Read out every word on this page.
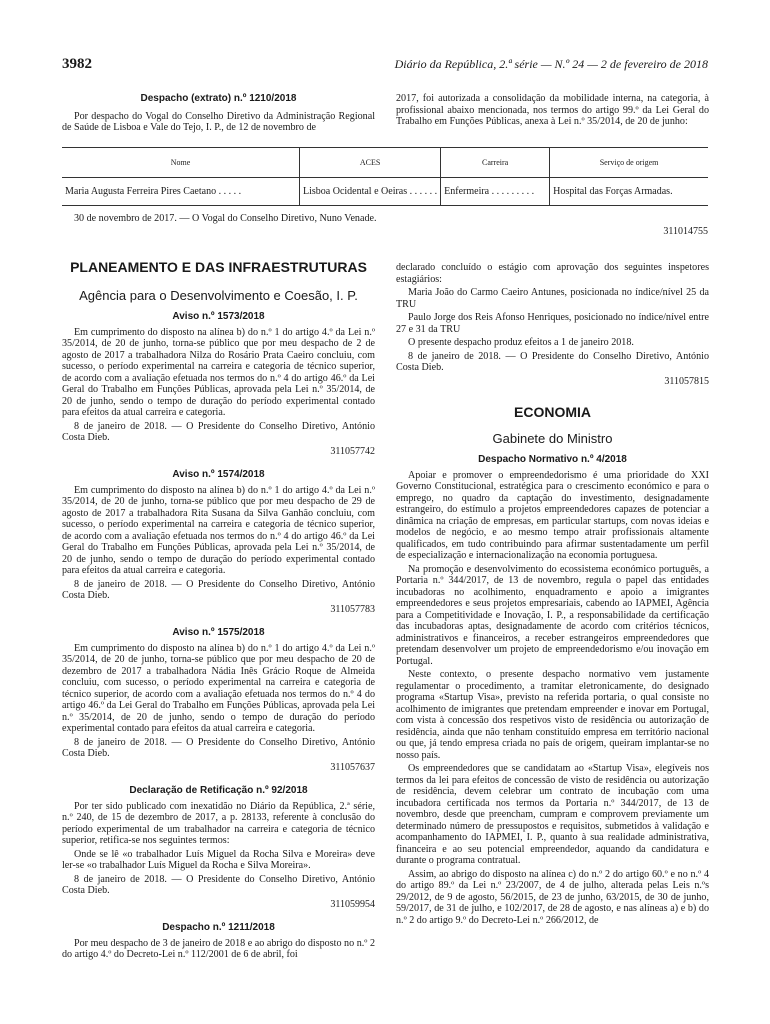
3982	Diário da República, 2.ª série — N.º 24 — 2 de fevereiro de 2018
Despacho (extrato) n.º 1210/2018

Por despacho do Vogal do Conselho Diretivo da Administração Regional de Saúde de Lisboa e Vale do Tejo, I. P., de 12 de novembro de

2017, foi autorizada a consolidação da mobilidade interna, na categoria, à profissional abaixo mencionada, nos termos do artigo 99.º da Lei Geral do Trabalho em Funções Públicas, anexa à Lei n.º 35/2014, de 20 de junho:

Nome	ACES	Carreira	Serviço de origem
Maria Augusta Ferreira Pires Caetano . . . . .	Lisboa Ocidental e Oeiras . . . . . .	Enfermeira . . . . . . . . .	Hospital das Forças Armadas.
30 de novembro de 2017. — O Vogal do Conselho Diretivo, Nuno Venade.
311014755
PLANEAMENTO E DAS INFRAESTRUTURAS
Agência para o Desenvolvimento e Coesão, I. P.
Aviso n.º 1573/2018

Em cumprimento do disposto na alínea b) do n.º 1 do artigo 4.º da Lei n.º 35/2014, de 20 de junho, torna-se público que por meu despacho de 2 de agosto de 2017 a trabalhadora Nilza do Rosário Prata Caeiro concluiu, com sucesso, o período experimental na carreira e categoria de técnico superior, de acordo com a avaliação efetuada nos termos do n.º 4 do artigo 46.º da Lei Geral do Trabalho em Funções Públicas, aprovada pela Lei n.º 35/2014, de 20 de junho, sendo o tempo de duração do período experimental contado para efeitos da atual carreira e categoria.

8 de janeiro de 2018. — O Presidente do Conselho Diretivo, António Costa Dieb.

311057742
Aviso n.º 1574/2018

Em cumprimento do disposto na alínea b) do n.º 1 do artigo 4.º da Lei n.º 35/2014, de 20 de junho, torna-se público que por meu despacho de 29 de agosto de 2017 a trabalhadora Rita Susana da Silva Ganhão concluiu, com sucesso, o período experimental na carreira e categoria de técnico superior, de acordo com a avaliação efetuada nos termos do n.º 4 do artigo 46.º da Lei Geral do Trabalho em Funções Públicas, aprovada pela Lei n.º 35/2014, de 20 de junho, sendo o tempo de duração do período experimental contado para efeitos da atual carreira e categoria.

8 de janeiro de 2018. — O Presidente do Conselho Diretivo, António Costa Dieb.

311057783
Aviso n.º 1575/2018

Em cumprimento do disposto na alínea b) do n.º 1 do artigo 4.º da Lei n.º 35/2014, de 20 de junho, torna-se público que por meu despacho de 20 de dezembro de 2017 a trabalhadora Nádia Inês Grácio Roque de Almeida concluiu, com sucesso, o período experimental na carreira e categoria de técnico superior, de acordo com a avaliação efetuada nos termos do n.º 4 do artigo 46.º da Lei Geral do Trabalho em Funções Públicas, aprovada pela Lei n.º 35/2014, de 20 de junho, sendo o tempo de duração do período experimental contado para efeitos da atual carreira e categoria.

8 de janeiro de 2018. — O Presidente do Conselho Diretivo, António Costa Dieb.

311057637
Declaração de Retificação n.º 92/2018

Por ter sido publicado com inexatidão no Diário da República, 2.ª série, n.º 240, de 15 de dezembro de 2017, a p. 28133, referente à conclusão do período experimental de um trabalhador na carreira e categoria de técnico superior, retifica-se nos seguintes termos:

Onde se lê «o trabalhador Luís Miguel da Rocha Silva e Moreira» deve ler-se «o trabalhador Luís Miguel da Rocha e Silva Moreira».

8 de janeiro de 2018. — O Presidente do Conselho Diretivo, António Costa Dieb.

311059954
Despacho n.º 1211/2018

Por meu despacho de 3 de janeiro de 2018 e ao abrigo do disposto no n.º 2 do artigo 4.º do Decreto-Lei n.º 112/2001 de 6 de abril, foi

declarado concluído o estágio com aprovação dos seguintes inspetores estagiários:

Maria João do Carmo Caeiro Antunes, posicionada no índice/nível 25 da TRU

Paulo Jorge dos Reis Afonso Henriques, posicionado no índice/nível entre 27 e 31 da TRU

O presente despacho produz efeitos a 1 de janeiro 2018.

8 de janeiro de 2018. — O Presidente do Conselho Diretivo, António Costa Dieb.

311057815
ECONOMIA
Gabinete do Ministro
Despacho Normativo n.º 4/2018

Apoiar e promover o empreendedorismo é uma prioridade do XXI Governo Constitucional, estratégica para o crescimento económico e para o emprego, no quadro da captação do investimento, designadamente estrangeiro, do estímulo a projetos empreendedores capazes de potenciar a dinâmica na criação de empresas, em particular startups, com novas ideias e modelos de negócio, e ao mesmo tempo atrair profissionais altamente qualificados, em tudo contribuindo para afirmar sustentadamente um perfil de especialização e internacionalização na economia portuguesa.

Na promoção e desenvolvimento do ecossistema económico português, a Portaria n.º 344/2017, de 13 de novembro, regula o papel das entidades incubadoras no acolhimento, enquadramento e apoio a imigrantes empreendedores e seus projetos empresariais, cabendo ao IAPMEI, Agência para a Competitividade e Inovação, I. P., a responsabilidade da certificação das incubadoras aptas, designadamente de acordo com critérios técnicos, administrativos e financeiros, a receber estrangeiros empreendedores que pretendam desenvolver um projeto de empreendedorismo e/ou inovação em Portugal.

Neste contexto, o presente despacho normativo vem justamente regulamentar o procedimento, a tramitar eletronicamente, do designado programa «Startup Visa», previsto na referida portaria, o qual consiste no acolhimento de imigrantes que pretendam empreender e inovar em Portugal, com vista à concessão dos respetivos visto de residência ou autorização de residência, ainda que não tenham constituído empresa em território nacional ou que, já tendo empresa criada no país de origem, queiram implantar-se no nosso país.

Os empreendedores que se candidatam ao «Startup Visa», elegíveis nos termos da lei para efeitos de concessão de visto de residência ou autorização de residência, devem celebrar um contrato de incubação com uma incubadora certificada nos termos da Portaria n.º 344/2017, de 13 de novembro, desde que preencham, cumpram e comprovem previamente um determinado número de pressupostos e requisitos, submetidos à validação e acompanhamento do IAPMEI, I. P., quanto à sua realidade administrativa, financeira e ao seu potencial empreendedor, aquando da candidatura e durante o programa contratual.

Assim, ao abrigo do disposto na alínea c) do n.º 2 do artigo 60.º e no n.º 4 do artigo 89.º da Lei n.º 23/2007, de 4 de julho, alterada pelas Leis n.ºs 29/2012, de 9 de agosto, 56/2015, de 23 de junho, 63/2015, de 30 de junho, 59/2017, de 31 de julho, e 102/2017, de 28 de agosto, e nas alíneas a) e b) do n.º 2 do artigo 9.º do Decreto-Lei n.º 266/2012, de
